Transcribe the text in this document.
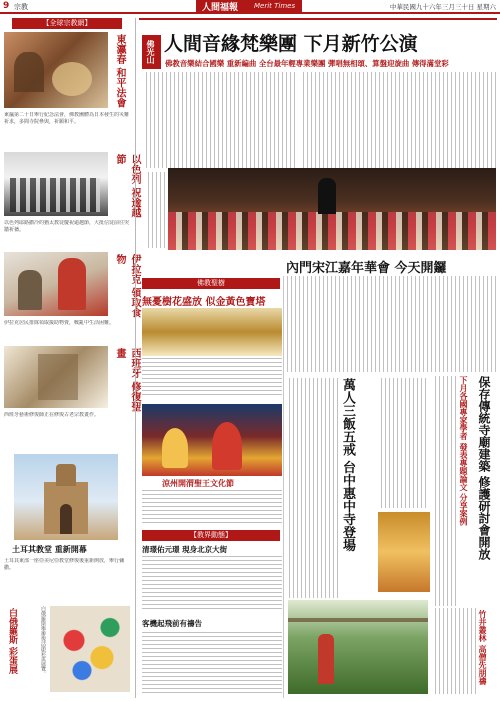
9 宗教	人間福報 Merit Times	中華民國九十六年三月三十日 星期六
【全球宗教網】
東瀛春 和平法會
東瀛第二十日舉行紀念法會，佛教團體為日本發生的災難祈求，多間寺院參與，祈願和平。
節
以色列耶路撒冷的猶太教徒慶祝逾越節，大批信徒前往哭牆祈禱。
物
伊拉克居民排隊領取援助物資，戰亂中生活困難。
畫
西班牙藝術修復師正在修復古老宗教畫作。
土耳其教堂 重新開幕
土耳其東部一座亞美尼亞教堂修復後重新開放，舉行彌撒。
白俄羅斯 彩蛋展	白俄羅斯舉辦復活節彩蛋展覽。
佛光山 人間音緣梵樂團 下月新竹公演
佛教音樂結合國樂 重新編曲 全台最年輕專業樂團 彈唱無相頌、算盤迎旋曲 傳得滿堂彩
內門宋江嘉年華會 今天開鑼
佛教聖樹
無憂樹花盛放 似金黃色寶塔
涼州開渭聖王文化節
【教界動態】
清璟佑元璟 現身北京大街
客機起飛前有禱告
萬人三飯五戒 台中惠中寺登場	保存傳統寺廟建築 修護研討會開放
下月各國專家學者 發表專題論文 分享案例
竹井叢林 高僧先朋禱
